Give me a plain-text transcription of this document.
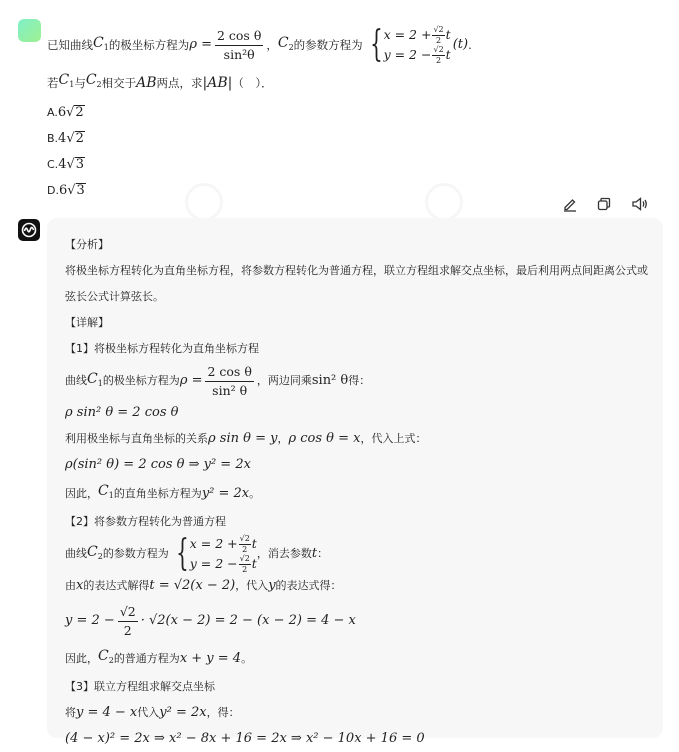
已知曲线 $C_1$ 的极坐标方程为 $\rho = \frac{\text{2 cos θ}}{\text{sin²θ}}$ ， $C_2$ 的参数方程为 { $x = 2 + \frac{√2}{2}$ t
$y = 2 - \frac{√2}{2}$ t
(t) .
若 $C_1$ 与 $C_2$ 相交于 AB 两点，求 |AB| （　）．
A. 6 √ 2
B. 4 √ 2
C. 4 √ 3
D. 6 √ 3
【分析】
将极坐标方程转化为直角坐标方程，将参数方程转化为普通方程，联立方程组求解交点坐标，最后利用两点间距离公式或弦长公式计算弦长。
【详解】
【1】将极坐标方程转化为直角坐标方程
曲线 $C_1$ 的极坐标方程为 $\rho = \frac{\text{2 cos θ}}{\text{sin² θ}}$ ，两边同乘 sin² θ 得：
ρ sin² θ = 2 cos θ
利用极坐标与直角坐标的关系 ρ sin θ = y ， ρ cos θ = x ，代入上式：
ρ(sin² θ) = 2 cos θ ⇒ y² = 2x
因此， $C_1$ 的直角坐标方程为 y² = 2x 。
【2】将参数方程转化为普通方程
曲线 $C_2$ 的参数方程为 { $x = 2 + \frac{√2}{2}$ t
$y = 2 - \frac{√2}{2}$ t
，消去参数 t ：
由 x 的表达式解得 t = √2(x − 2) ，代入 y 的表达式得：
$y = 2 - \frac{√2}{2} \cdot √2(x - 2) = 2 - (x - 2) = 4 - x$
因此， $C_2$ 的普通方程为 x + y = 4 。
【3】联立方程组求解交点坐标
将 y = 4 − x 代入 y² = 2x ，得：
(4 − x)² = 2x ⇒ x² − 8x + 16 = 2x ⇒ x² − 10x + 16 = 0
